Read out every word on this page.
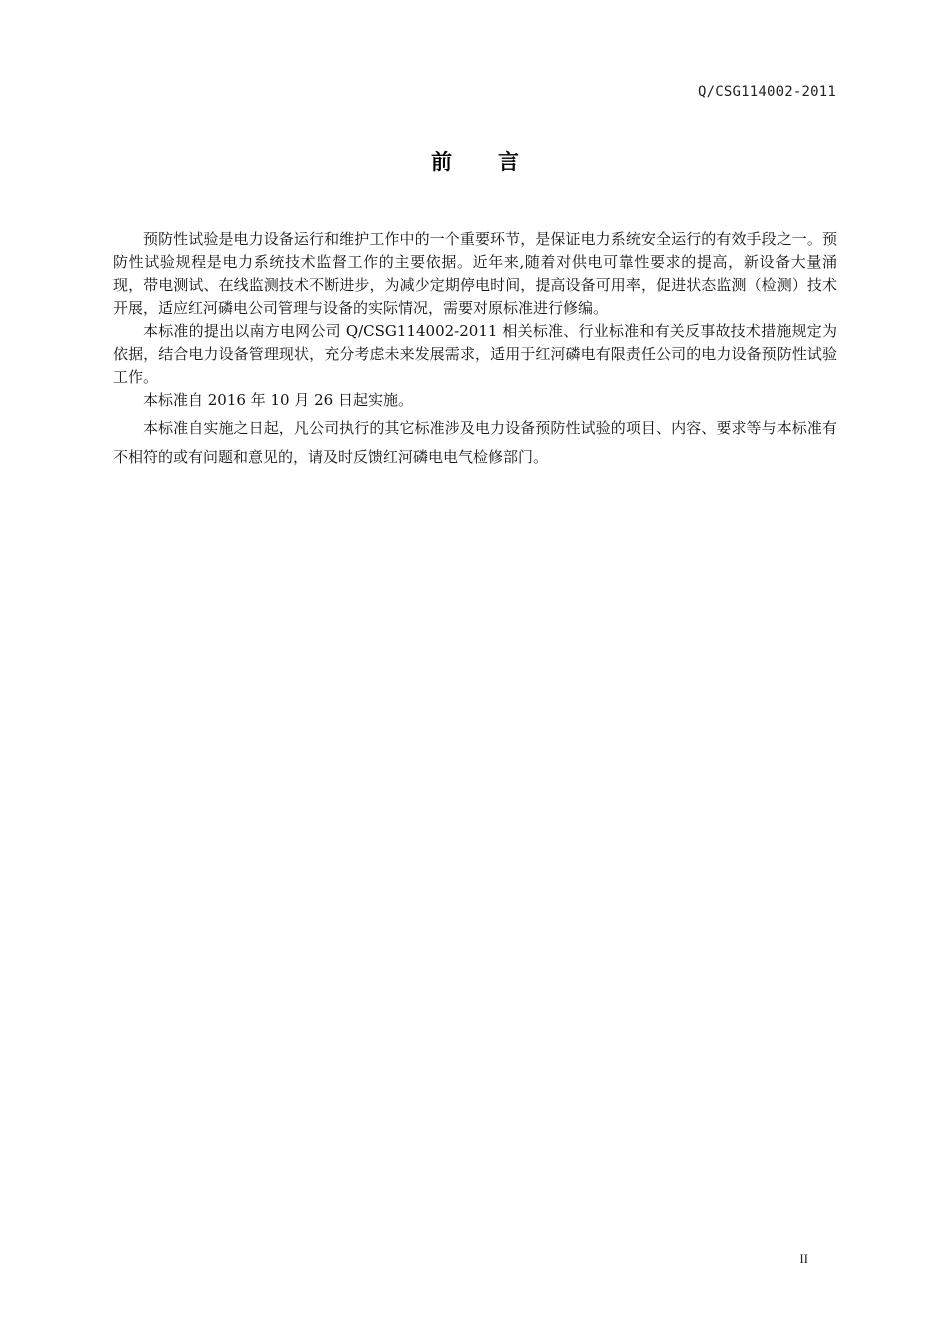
Q/CSG114002-2011
前言

预防性试验是电力设备运行和维护工作中的一个重要环节，是保证电力系统安全运行的有效手段之一。预防性试验规程是电力系统技术监督工作的主要依据。近年来,随着对供电可靠性要求的提高，新设备大量涌现，带电测试、在线监测技术不断进步，为减少定期停电时间，提高设备可用率，促进状态监测（检测）技术开展，适应红河磷电公司管理与设备的实际情况，需要对原标准进行修编。

本标准的提出以南方电网公司 Q/CSG114002-2011 相关标准、行业标准和有关反事故技术措施规定为依据，结合电力设备管理现状，充分考虑未来发展需求，适用于红河磷电有限责任公司的电力设备预防性试验工作。

本标准自 2016 年 10 月 26 日起实施。

本标准自实施之日起，凡公司执行的其它标准涉及电力设备预防性试验的项目、内容、要求等与本标准有不相符的或有问题和意见的，请及时反馈红河磷电电气检修部门。

II
